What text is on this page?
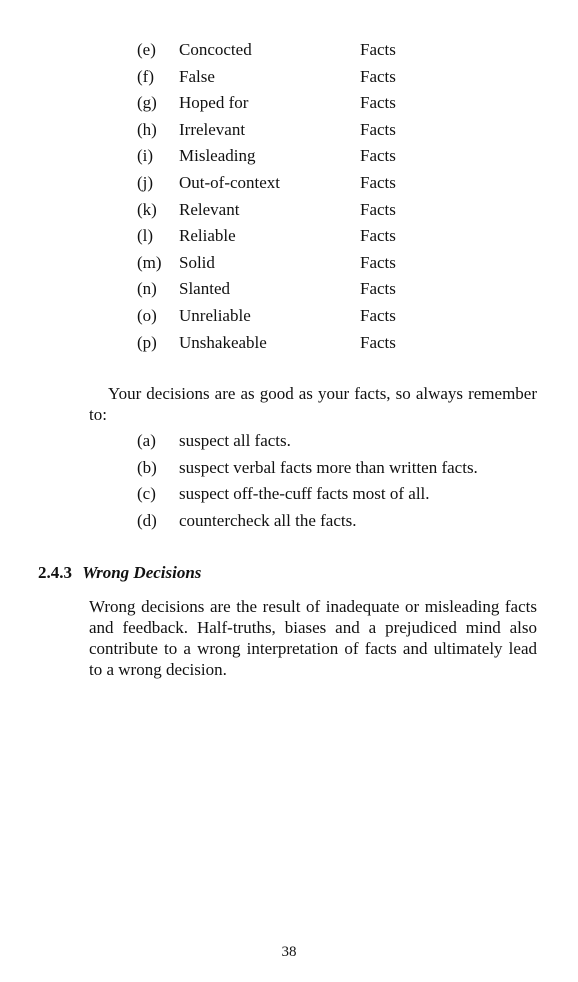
(e) Concocted	Facts
(f) False	Facts
(g) Hoped for	Facts
(h) Irrelevant	Facts
(i) Misleading	Facts
(j) Out-of-context	Facts
(k) Relevant	Facts
(l) Reliable	Facts
(m) Solid	Facts
(n) Slanted	Facts
(o) Unreliable	Facts
(p) Unshakeable	Facts

Your decisions are as good as your facts, so always remember to:

(a) suspect all facts.
(b) suspect verbal facts more than written facts.
(c) suspect off-the-cuff facts most of all.
(d) countercheck all the facts.
2.4.3 Wrong Decisions

Wrong decisions are the result of inadequate or misleading facts and feedback. Half-truths, biases and a prejudiced mind also contribute to a wrong interpretation of facts and ultimately lead to a wrong decision.

38
